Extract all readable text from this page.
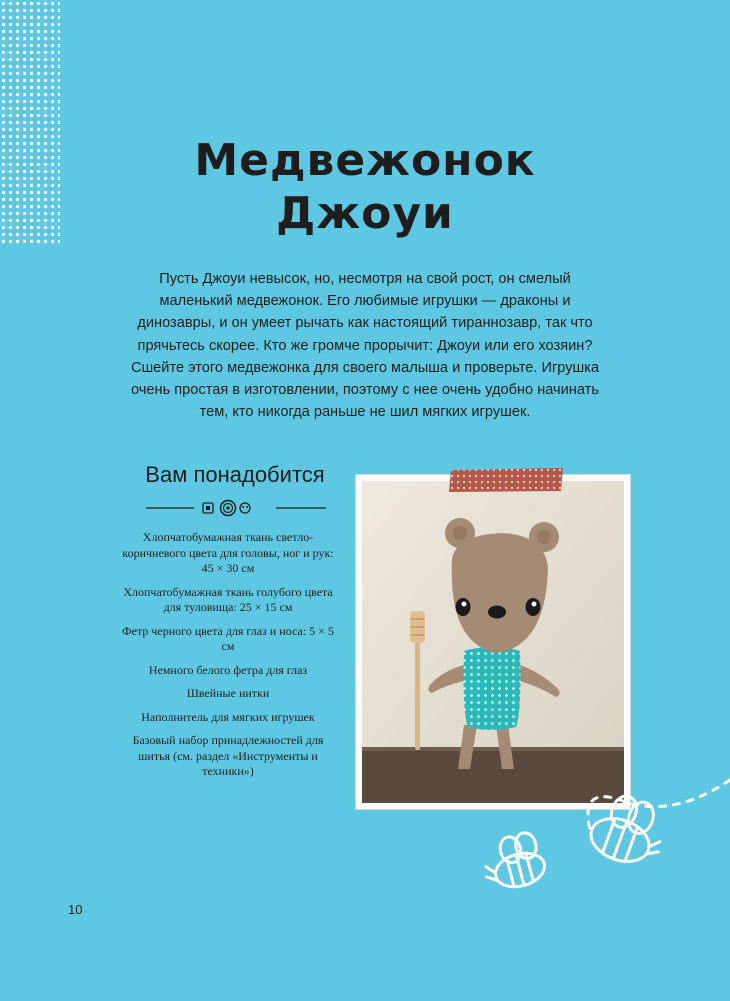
Медвежонок
Джоуи

Пусть Джоуи невысок, но, несмотря на свой рост, он смелый маленький медвежонок. Его любимые игрушки — драконы и динозавры, и он умеет рычать как настоящий тираннозавр, так что прячьтесь скорее. Кто же громче прорычит: Джоуи или его хозяин? Сшейте этого медвежонка для своего малыша и проверьте. Игрушка очень простая в изготовлении, поэтому с нее очень удобно начинать тем, кто никогда раньше не шил мягких игрушек.

Вам понадобится
Хлопчатобумажная ткань светло-коричневого цвета для головы, ног и рук: 45 × 30 см
Хлопчатобумажная ткань голубого цвета для туловища: 25 × 15 см
Фетр черного цвета для глаз и носа: 5 × 5 см
Немного белого фетра для глаз
Швейные нитки
Наполнитель для мягких игрушек
Базовый набор принадлежностей для шитья (см. раздел «Инструменты и техники»)
10
